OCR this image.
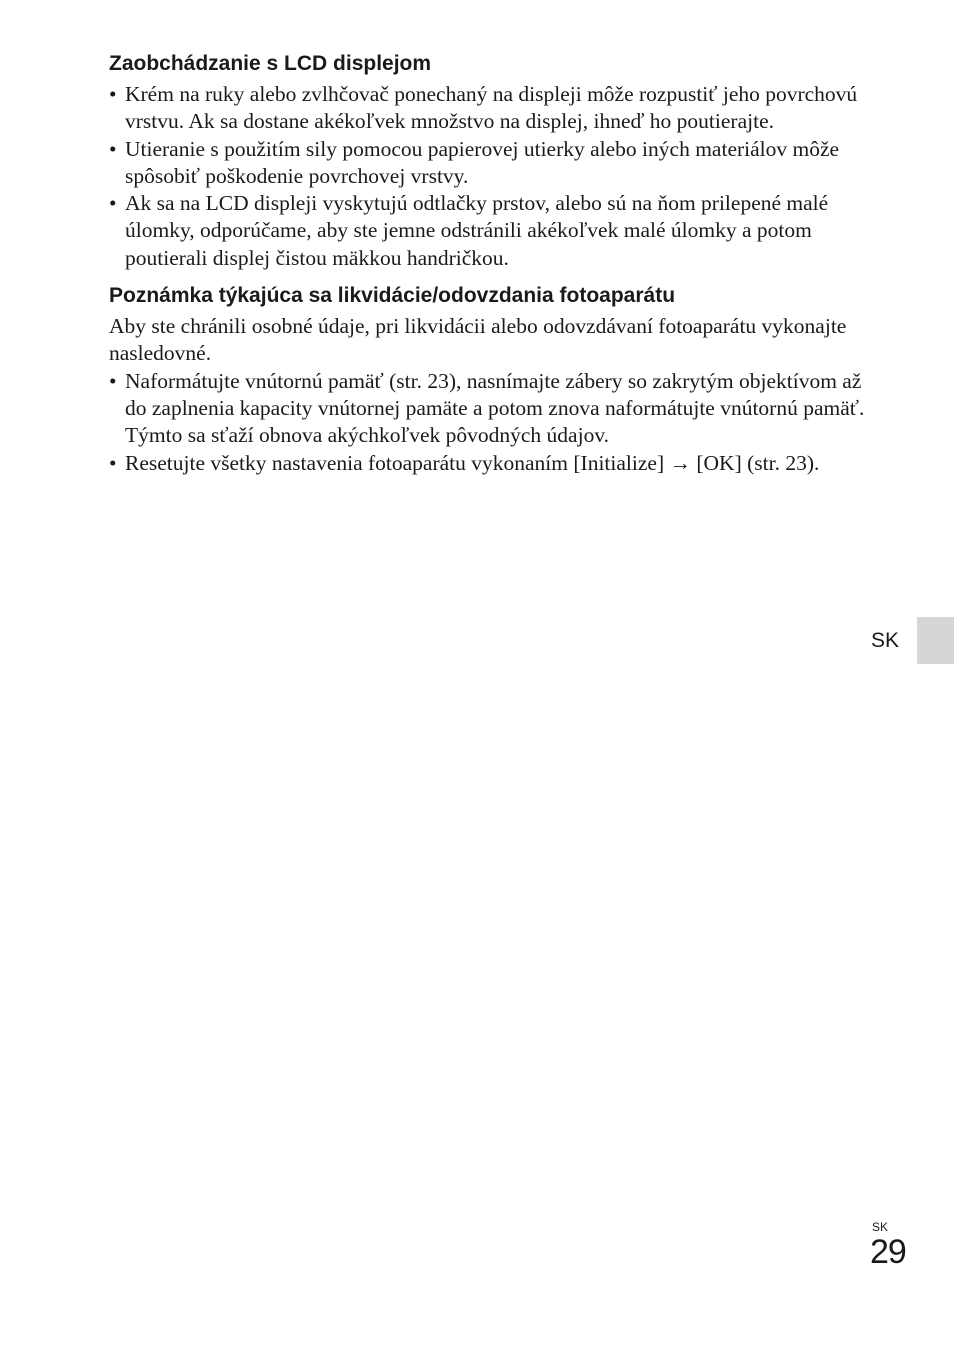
Zaobchádzanie s LCD displejom
• Krém na ruky alebo zvlhčovač ponechaný na displeji môže rozpustiť jeho povrchovú vrstvu. Ak sa dostane akékoľvek množstvo na displej, ihneď ho poutierajte.
• Utieranie s použitím sily pomocou papierovej utierky alebo iných materiálov môže spôsobiť poškodenie povrchovej vrstvy.
• Ak sa na LCD displeji vyskytujú odtlačky prstov, alebo sú na ňom prilepené malé úlomky, odporúčame, aby ste jemne odstránili akékoľvek malé úlomky a potom poutierali displej čistou mäkkou handričkou.
Poznámka týkajúca sa likvidácie/odovzdania fotoaparátu

Aby ste chránili osobné údaje, pri likvidácii alebo odovzdávaní fotoaparátu vykonajte nasledovné.

• Naformátujte vnútornú pamäť (str. 23), nasnímajte zábery so zakrytým objektívom až do zaplnenia kapacity vnútornej pamäte a potom znova naformátujte vnútornú pamäť. Týmto sa sťaží obnova akýchkoľvek pôvodných údajov.
• Resetujte všetky nastavenia fotoaparátu vykonaním [Initialize] → [OK] (str. 23).
SK
SK
29
